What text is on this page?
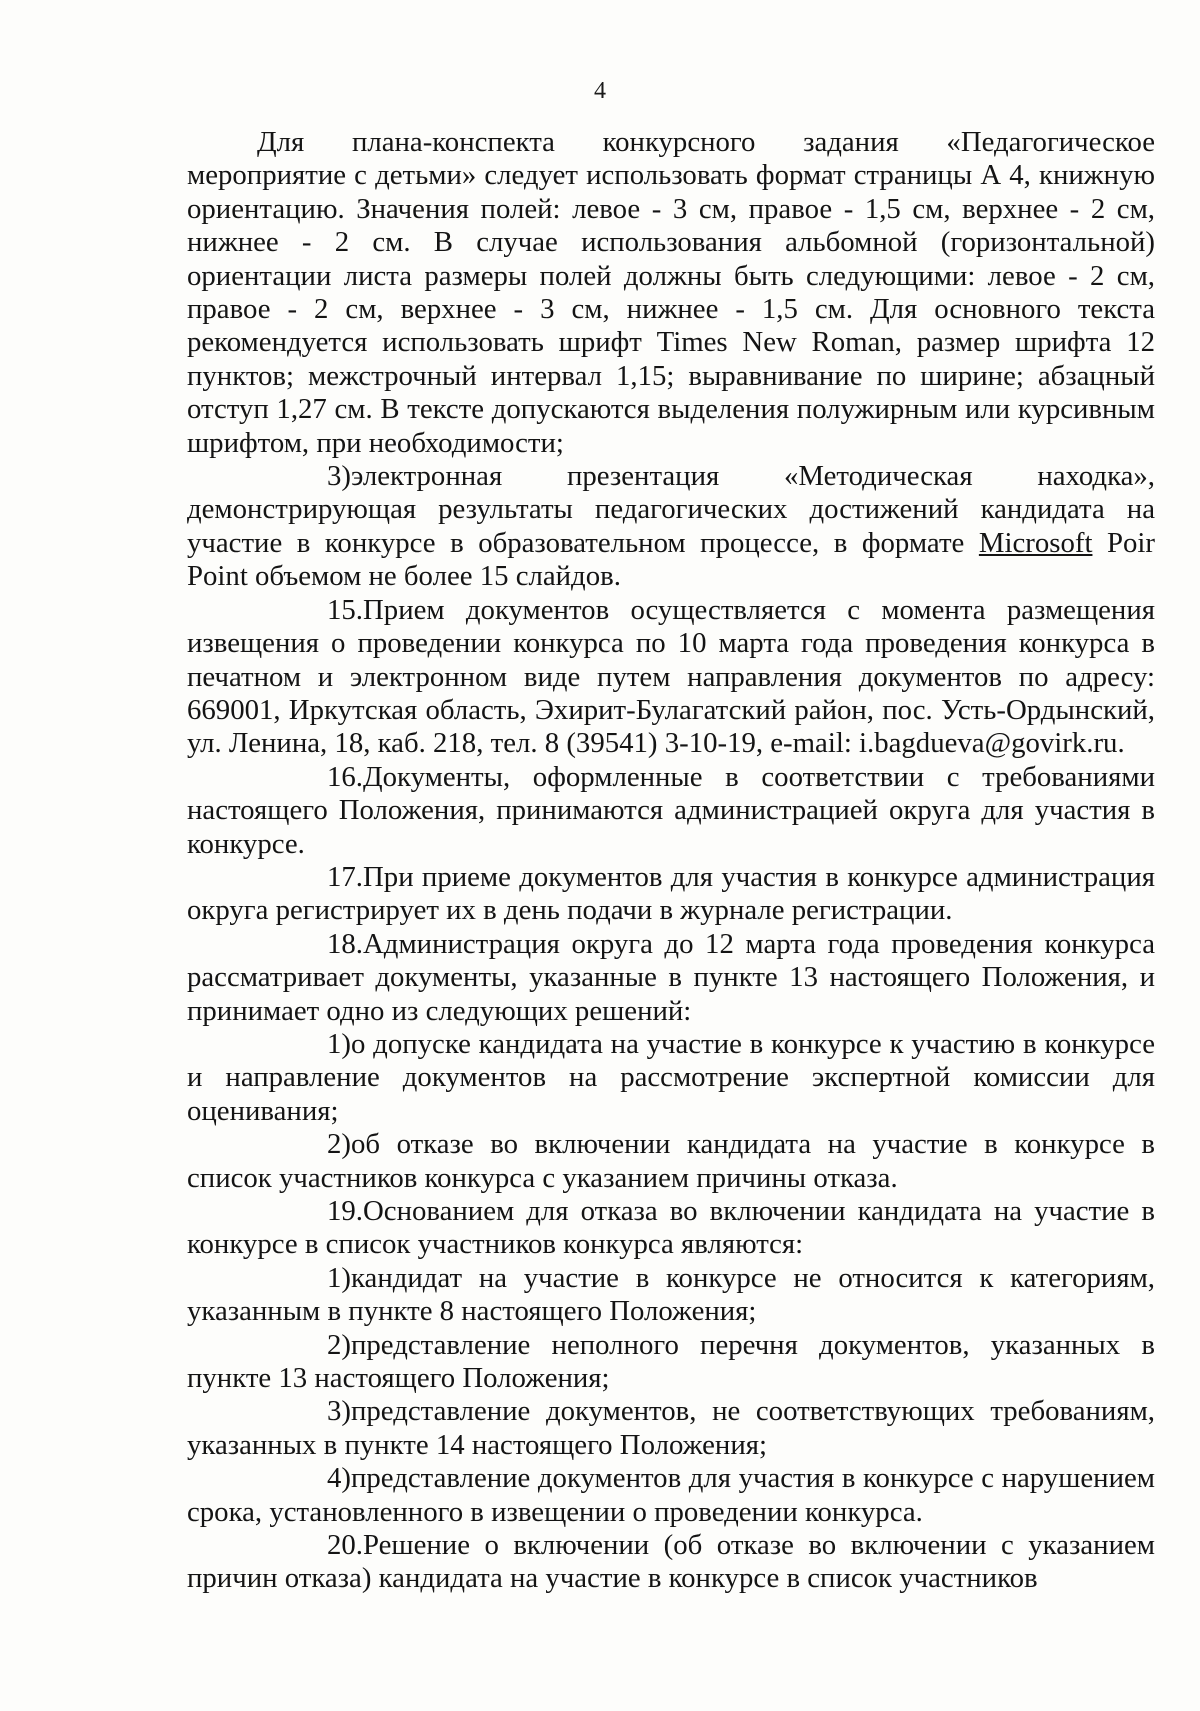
4

Для плана-конспекта конкурсного задания «Педагогическое мероприятие с детьми» следует использовать формат страницы А 4, книжную ориентацию. Значения полей: левое - 3 см, правое - 1,5 см, верхнее - 2 см, нижнее - 2 см. В случае использования альбомной (горизонтальной) ориентации листа размеры полей должны быть следующими: левое - 2 см, правое - 2 см, верхнее - 3 см, нижнее - 1,5 см. Для основного текста рекомендуется использовать шрифт Times New Roman, размер шрифта 12 пунктов; межстрочный интервал 1,15; выравнивание по ширине; абзацный отступ 1,27 см. В тексте допускаются выделения полужирным или курсивным шрифтом, при необходимости;

3)электронная презентация «Методическая находка», демонстрирующая результаты педагогических достижений кандидата на участие в конкурсе в образовательном процессе, в формате Microsoft Poir Point объемом не более 15 слайдов.

15.Прием документов осуществляется с момента размещения извещения о проведении конкурса по 10 марта года проведения конкурса в печатном и электронном виде путем направления документов по адресу: 669001, Иркутская область, Эхирит-Булагатский район, пос. Усть-Ордынский, ул. Ленина, 18, каб. 218, тел. 8 (39541) 3-10-19, e-mail: i.bagdueva@govirk.ru.

16.Документы, оформленные в соответствии с требованиями настоящего Положения, принимаются администрацией округа для участия в конкурсе.

17.При приеме документов для участия в конкурсе администрация округа регистрирует их в день подачи в журнале регистрации.

18.Администрация округа до 12 марта года проведения конкурса рассматривает документы, указанные в пункте 13 настоящего Положения, и принимает одно из следующих решений:

1)о допуске кандидата на участие в конкурсе к участию в конкурсе и направление документов на рассмотрение экспертной комиссии для оценивания;

2)об отказе во включении кандидата на участие в конкурсе в список участников конкурса с указанием причины отказа.

19.Основанием для отказа во включении кандидата на участие в конкурсе в список участников конкурса являются:

1)кандидат на участие в конкурсе не относится к категориям, указанным в пункте 8 настоящего Положения;

2)представление неполного перечня документов, указанных в пункте 13 настоящего Положения;

3)представление документов, не соответствующих требованиям, указанных в пункте 14 настоящего Положения;

4)представление документов для участия в конкурсе с нарушением срока, установленного в извещении о проведении конкурса.

20.Решение о включении (об отказе во включении с указанием причин отказа) кандидата на участие в конкурсе в список участников
